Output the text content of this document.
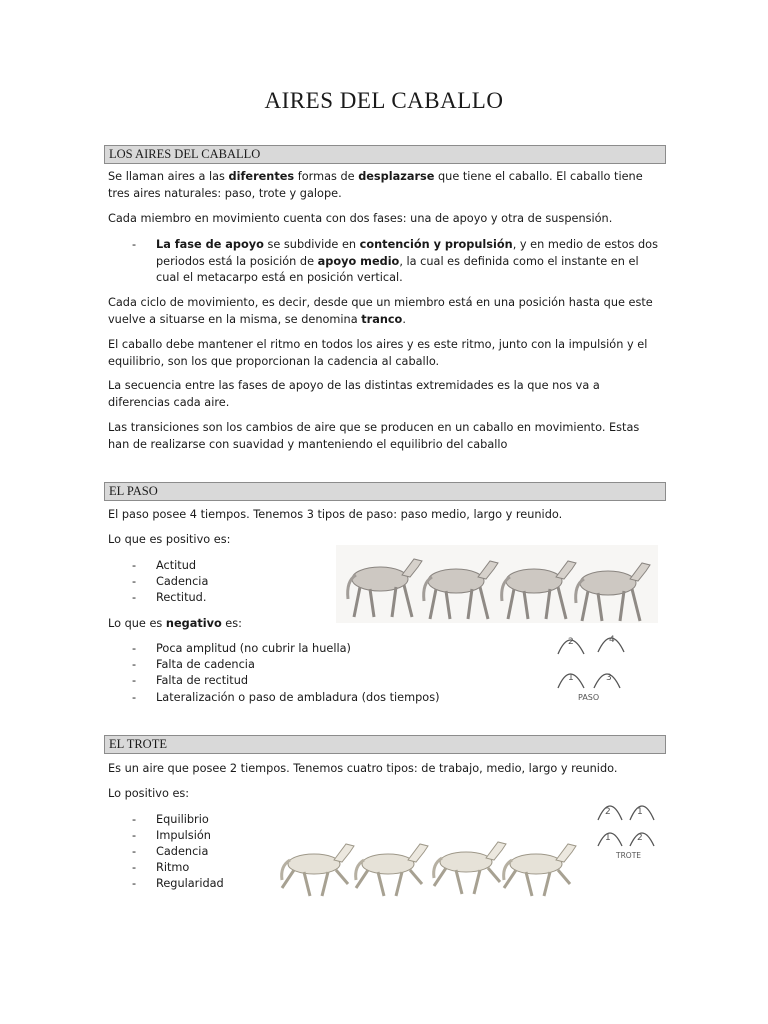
AIRES DEL CABALLO
LOS AIRES DEL CABALLO

Se llaman aires a las diferentes formas de desplazarse que tiene el caballo. El caballo tiene tres aires naturales: paso, trote y galope.

Cada miembro en movimiento cuenta con dos fases: una de apoyo y otra de suspensión.

- La fase de apoyo se subdivide en contención y propulsión, y en medio de estos dos periodos está la posición de apoyo medio, la cual es definida como el instante en el cual el metacarpo está en posición vertical.

Cada ciclo de movimiento, es decir, desde que un miembro está en una posición hasta que este vuelve a situarse en la misma, se denomina tranco.

El caballo debe mantener el ritmo en todos los aires y es este ritmo, junto con la impulsión y el equilibrio, son los que proporcionan la cadencia al caballo.

La secuencia entre las fases de apoyo de las distintas extremidades es la que nos va a diferencias cada aire.

Las transiciones son los cambios de aire que se producen en un caballo en movimiento. Estas han de realizarse con suavidad y manteniendo el equilibrio del caballo

EL PASO

El paso posee 4 tiempos. Tenemos 3 tipos de paso: paso medio, largo y reunido.

Lo que es positivo es:

- Actitud
- Cadencia
- Rectitud.

Lo que es negativo es:

- Poca amplitud (no cubrir la huella)
- Falta de cadencia
- Falta de rectitud
- Lateralización o paso de ambladura (dos tiempos)
2	4
1	3
PASO
EL TROTE

Es un aire que posee 2 tiempos. Tenemos cuatro tipos: de trabajo, medio, largo y reunido.

Lo positivo es:

- Equilibrio
- Impulsión
- Cadencia
- Ritmo
- Regularidad
2	1
1	2
TROTE
